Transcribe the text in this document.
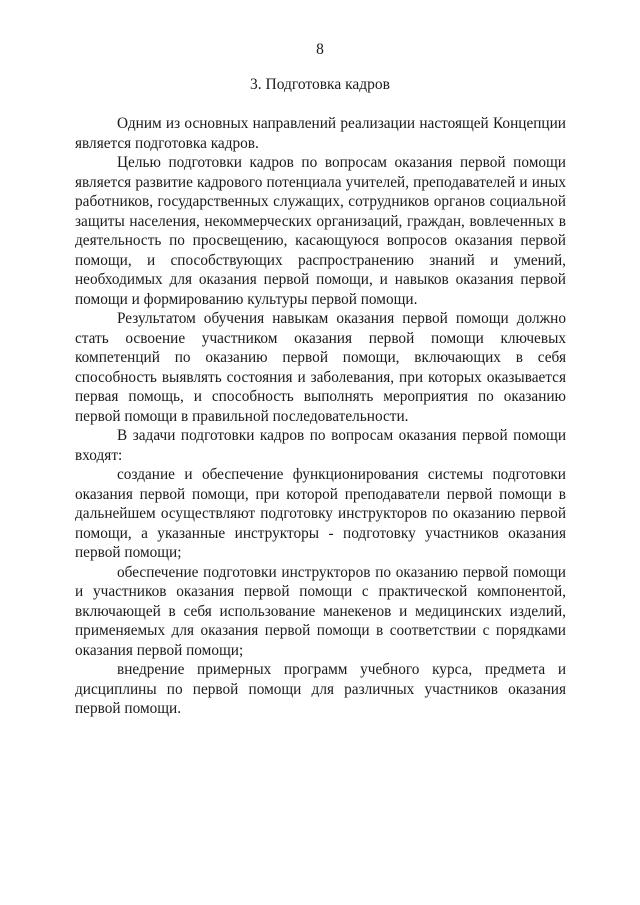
8
3. Подготовка кадров

Одним из основных направлений реализации настоящей Концепции является подготовка кадров.

Целью подготовки кадров по вопросам оказания первой помощи является развитие кадрового потенциала учителей, преподавателей и иных работников, государственных служащих, сотрудников органов социальной защиты населения, некоммерческих организаций, граждан, вовлеченных в деятельность по просвещению, касающуюся вопросов оказания первой помощи, и способствующих распространению знаний и умений, необходимых для оказания первой помощи, и навыков оказания первой помощи и формированию культуры первой помощи.

Результатом обучения навыкам оказания первой помощи должно стать освоение участником оказания первой помощи ключевых компетенций по оказанию первой помощи, включающих в себя способность выявлять состояния и заболевания, при которых оказывается первая помощь, и способность выполнять мероприятия по оказанию первой помощи в правильной последовательности.

В задачи подготовки кадров по вопросам оказания первой помощи входят:

создание и обеспечение функционирования системы подготовки оказания первой помощи, при которой преподаватели первой помощи в дальнейшем осуществляют подготовку инструкторов по оказанию первой помощи, а указанные инструкторы - подготовку участников оказания первой помощи;

обеспечение подготовки инструкторов по оказанию первой помощи и участников оказания первой помощи с практической компонентой, включающей в себя использование манекенов и медицинских изделий, применяемых для оказания первой помощи в соответствии с порядками оказания первой помощи;

внедрение примерных программ учебного курса, предмета и дисциплины по первой помощи для различных участников оказания первой помощи.
